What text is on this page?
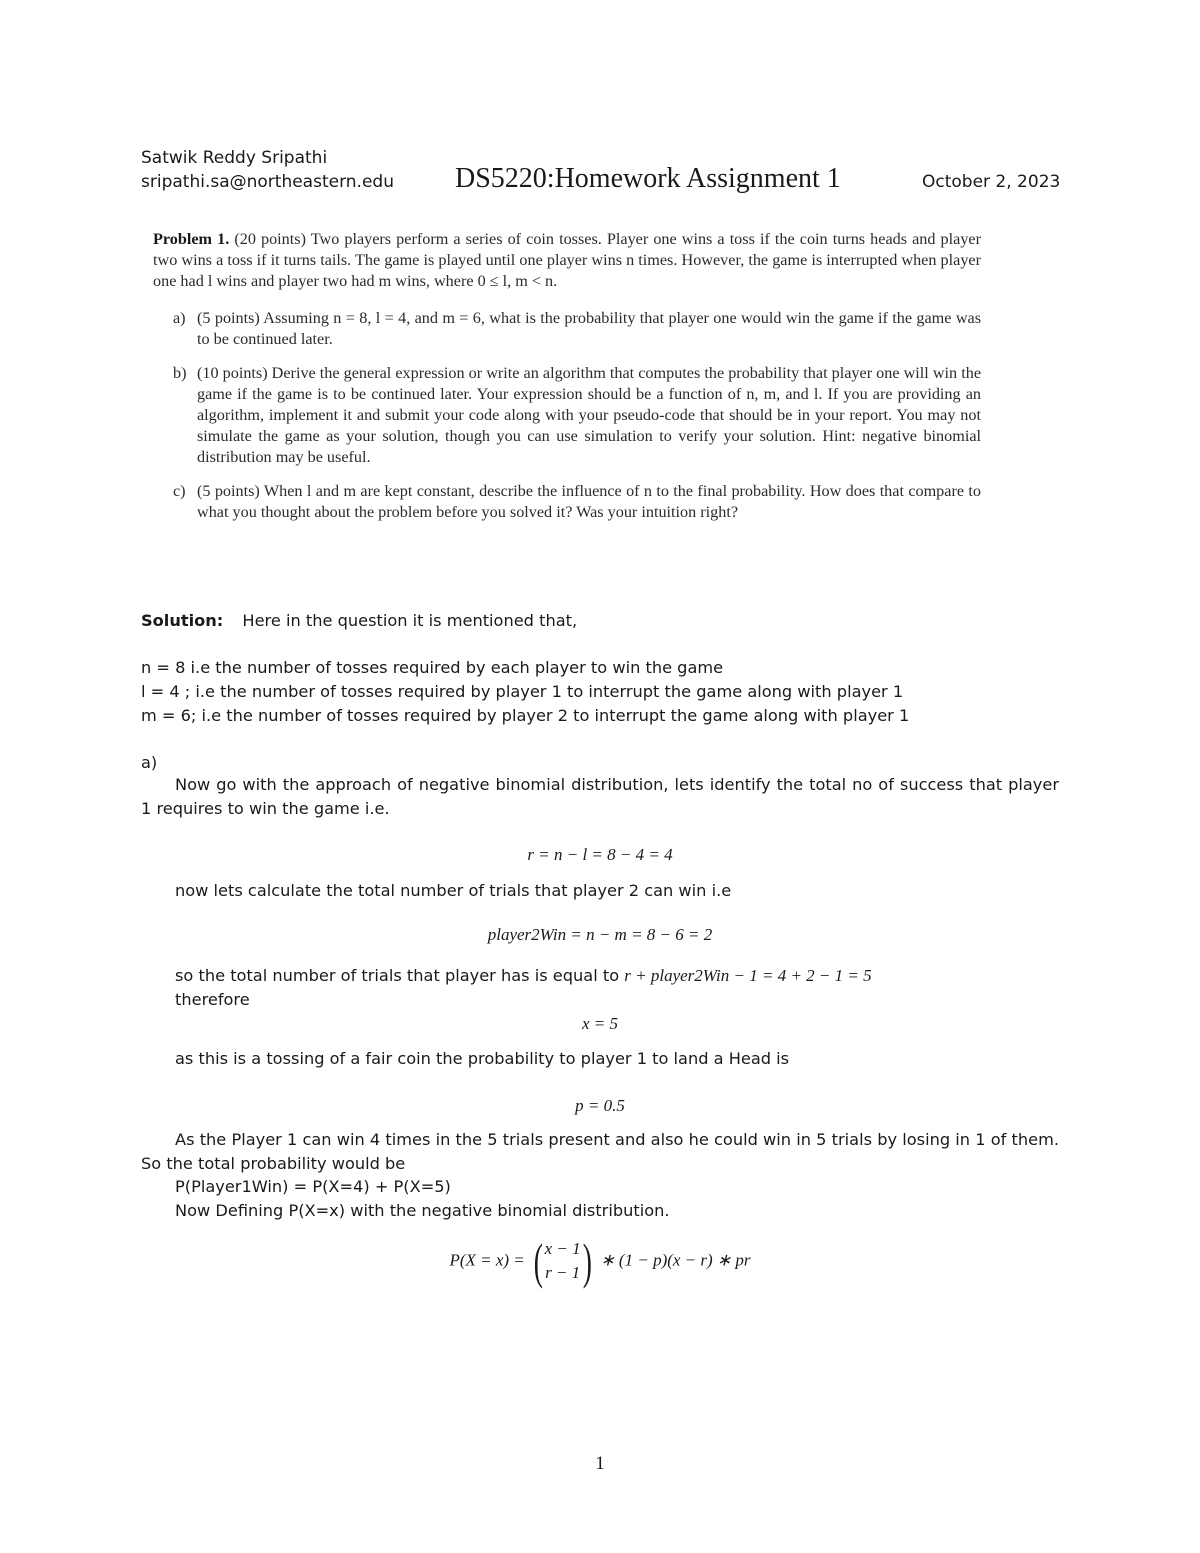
Satwik Reddy Sripathi
sripathi.sa@northeastern.edu DS5220:Homework Assignment 1	October 2, 2023

Problem 1. (20 points) Two players perform a series of coin tosses. Player one wins a toss if the coin turns heads and player two wins a toss if it turns tails. The game is played until one player wins n times. However, the game is interrupted when player one had l wins and player two had m wins, where 0 ≤ l, m < n.

a) (5 points) Assuming n = 8, l = 4, and m = 6, what is the probability that player one would win the game if the game was to be continued later.
b) (10 points) Derive the general expression or write an algorithm that computes the probability that player one will win the game if the game is to be continued later. Your expression should be a function of n, m, and l. If you are providing an algorithm, implement it and submit your code along with your pseudo-code that should be in your report. You may not simulate the game as your solution, though you can use simulation to verify your solution. Hint: negative binomial distribution may be useful.
c) (5 points) When l and m are kept constant, describe the influence of n to the final probability. How does that compare to what you thought about the problem before you solved it? Was your intuition right?
Solution: Here in the question it is mentioned that,
n = 8 i.e the number of tosses required by each player to win the game
l = 4 ; i.e the number of tosses required by player 1 to interrupt the game along with player 1
m = 6; i.e the number of tosses required by player 2 to interrupt the game along with player 1
a)
Now go with the approach of negative binomial distribution, lets identify the total no of success that player 1 requires to win the game i.e.
r = n − l = 8 − 4 = 4
now lets calculate the total number of trials that player 2 can win i.e
player2Win = n − m = 8 − 6 = 2
so the total number of trials that player has is equal to r + player2Win − 1 = 4 + 2 − 1 = 5
therefore
x = 5
as this is a tossing of a fair coin the probability to player 1 to land a Head is
p = 0.5
As the Player 1 can win 4 times in the 5 trials present and also he could win in 5 trials by losing in 1 of them. So the total probability would be
P(Player1Win) = P(X=4) + P(X=5)
Now Defining P(X=x) with the negative binomial distribution.
P(X = x) = ( x − 1
r − 1 ) ∗ (1 − p)(x − r) ∗ pr
1
